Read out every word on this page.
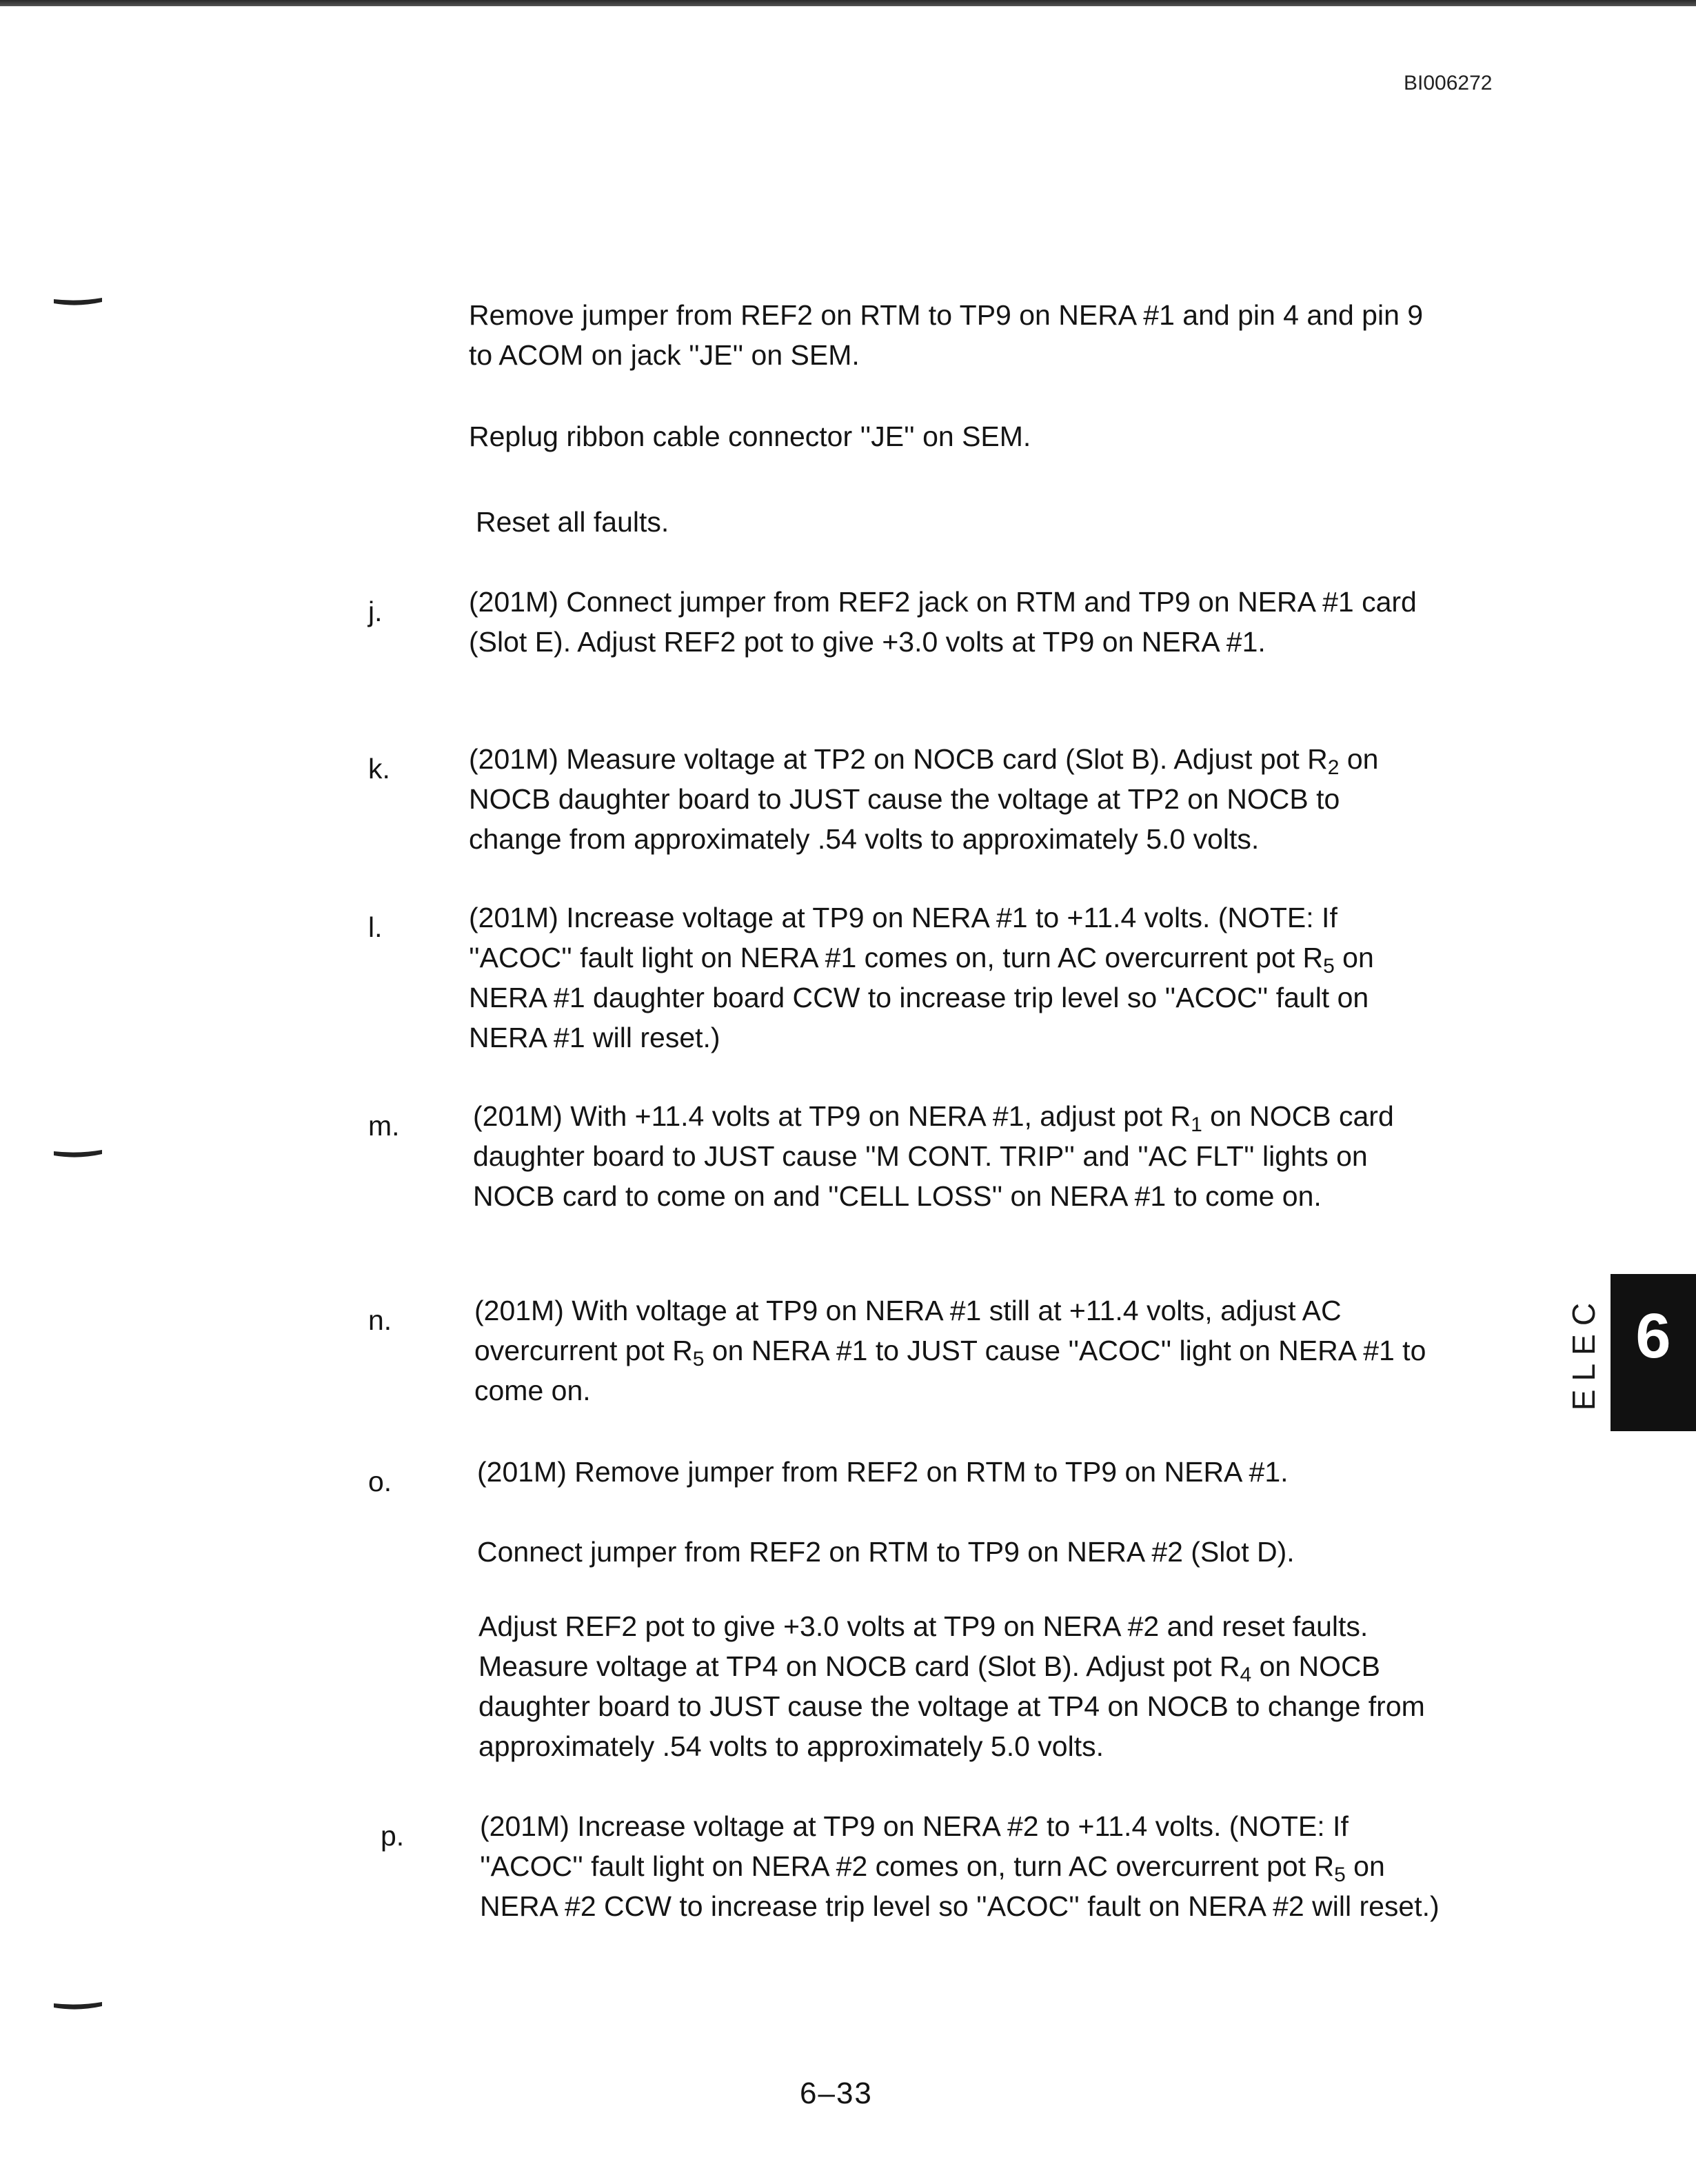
BI006272

Remove jumper from REF2 on RTM to TP9 on NERA #1 and pin 4 and pin 9 to ACOM on jack ''JE'' on SEM.

Replug ribbon cable connector ''JE'' on SEM.

Reset all faults.

j.	(201M) Connect jumper from REF2 jack on RTM and TP9 on NERA #1 card (Slot E). Adjust REF2 pot to give +3.0 volts at TP9 on NERA #1.

k.	(201M) Measure voltage at TP2 on NOCB card (Slot B). Adjust pot $R_2$ on NOCB daughter board to JUST cause the voltage at TP2 on NOCB to change from approximately .54 volts to approximately 5.0 volts.

l.	(201M) Increase voltage at TP9 on NERA #1 to +11.4 volts. (NOTE: If ''ACOC'' fault light on NERA #1 comes on, turn AC overcurrent pot $R_5$ on NERA #1 daughter board CCW to increase trip level so ''ACOC'' fault on NERA #1 will reset.)

m.	(201M) With +11.4 volts at TP9 on NERA #1, adjust pot $R_1$ on NOCB card daughter board to JUST cause ''M CONT. TRIP'' and ''AC FLT'' lights on NOCB card to come on and ''CELL LOSS'' on NERA #1 to come on.

n.	(201M) With voltage at TP9 on NERA #1 still at +11.4 volts, adjust AC overcurrent pot $R_5$ on NERA #1 to JUST cause ''ACOC'' light on NERA #1 to come on.

o.	(201M) Remove jumper from REF2 on RTM to TP9 on NERA #1.

Connect jumper from REF2 on RTM to TP9 on NERA #2 (Slot D).

Adjust REF2 pot to give +3.0 volts at TP9 on NERA #2 and reset faults. Measure voltage at TP4 on NOCB card (Slot B). Adjust pot $R_4$ on NOCB daughter board to JUST cause the voltage at TP4 on NOCB to change from approximately .54 volts to approximately 5.0 volts.

p.	(201M) Increase voltage at TP9 on NERA #2 to +11.4 volts. (NOTE: If ''ACOC'' fault light on NERA #2 comes on, turn AC overcurrent pot $R_5$ on NERA #2 CCW to increase trip level so ''ACOC'' fault on NERA #2 will reset.)

ELEC 6
6–33
